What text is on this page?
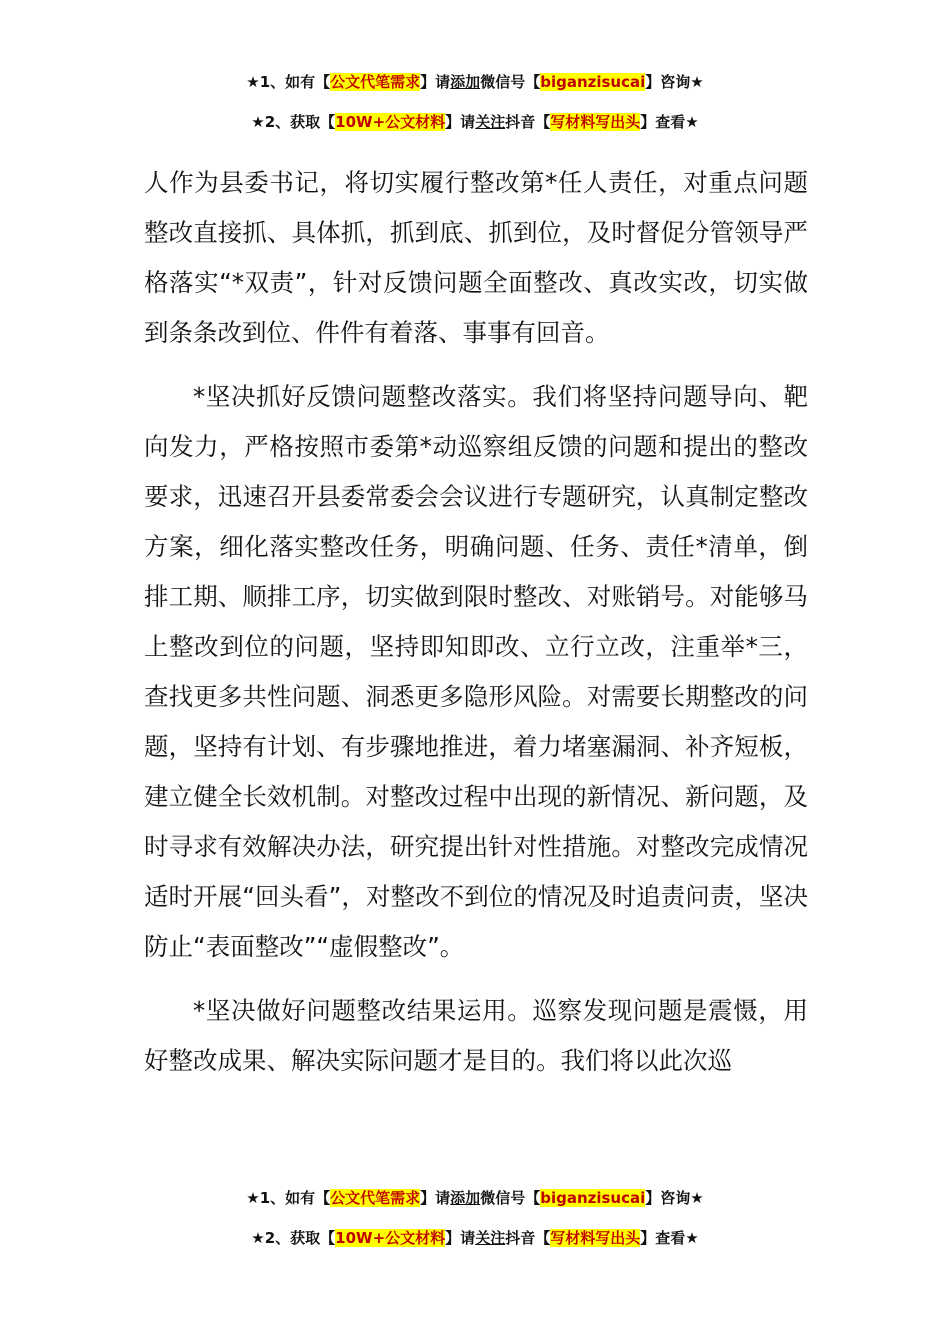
★1、如有【公文代笔需求】请添加微信号【biganzisucai】咨询★
★2、获取【10W+公文材料】请关注抖音【写材料写出头】查看★

人作为县委书记，将切实履行整改第*任人责任，对重点问题整改直接抓、具体抓，抓到底、抓到位，及时督促分管领导严格落实“*双责”，针对反馈问题全面整改、真改实改，切实做到条条改到位、件件有着落、事事有回音。

*坚决抓好反馈问题整改落实。我们将坚持问题导向、靶向发力，严格按照市委第*动巡察组反馈的问题和提出的整改要求，迅速召开县委常委会会议进行专题研究，认真制定整改方案，细化落实整改任务，明确问题、任务、责任*清单，倒排工期、顺排工序，切实做到限时整改、对账销号。对能够马上整改到位的问题，坚持即知即改、立行立改，注重举*三，查找更多共性问题、洞悉更多隐形风险。对需要长期整改的问题，坚持有计划、有步骤地推进，着力堵塞漏洞、补齐短板，建立健全长效机制。对整改过程中出现的新情况、新问题，及时寻求有效解决办法，研究提出针对性措施。对整改完成情况适时开展“回头看”，对整改不到位的情况及时追责问责，坚决防止“表面整改”“虚假整改”。

*坚决做好问题整改结果运用。巡察发现问题是震慑，用好整改成果、解决实际问题才是目的。我们将以此次巡

★1、如有【公文代笔需求】请添加微信号【biganzisucai】咨询★
★2、获取【10W+公文材料】请关注抖音【写材料写出头】查看★
